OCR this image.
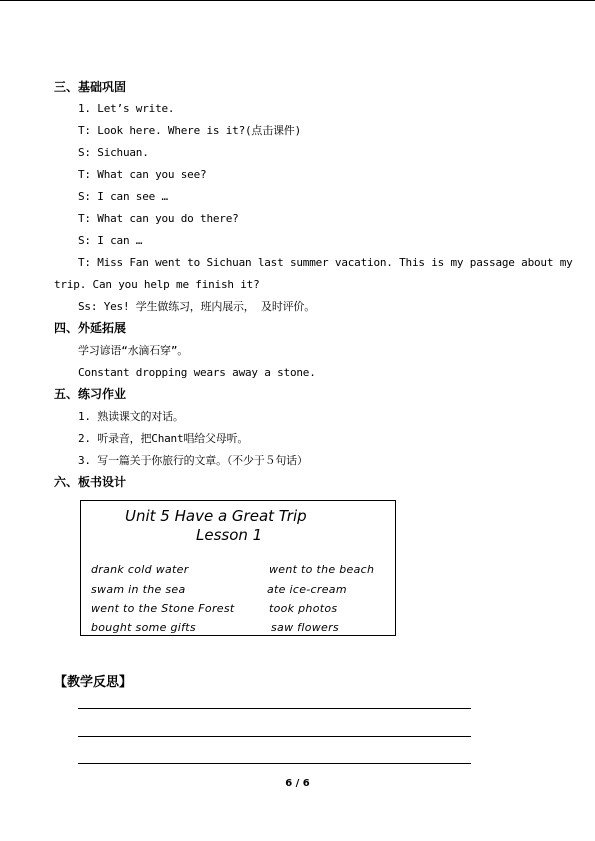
三、基础巩固
1. Let’s write.
T: Look here. Where is it?(点击课件)
S: Sichuan.
T: What can you see?
S: I can see …
T: What can you do there?
S: I can …
T: Miss Fan went to Sichuan last summer vacation. This is my passage about my
trip. Can you help me finish it?
Ss: Yes! 学生做练习，班内展示， 及时评价。
四、外延拓展
学习谚语“水滴石穿”。
Constant dropping wears away a stone.
五、练习作业
1. 熟读课文的对话。
2. 听录音，把Chant唱给父母听。
3. 写一篇关于你旅行的文章。（不少于５句话）
六、板书设计
Unit 5 Have a Great Trip
Lesson 1
drank cold water
swam in the sea
went to the Stone Forest
bought some gifts
went to the beach
ate ice-cream
took photos
saw flowers
【教学反思】
6 / 6
